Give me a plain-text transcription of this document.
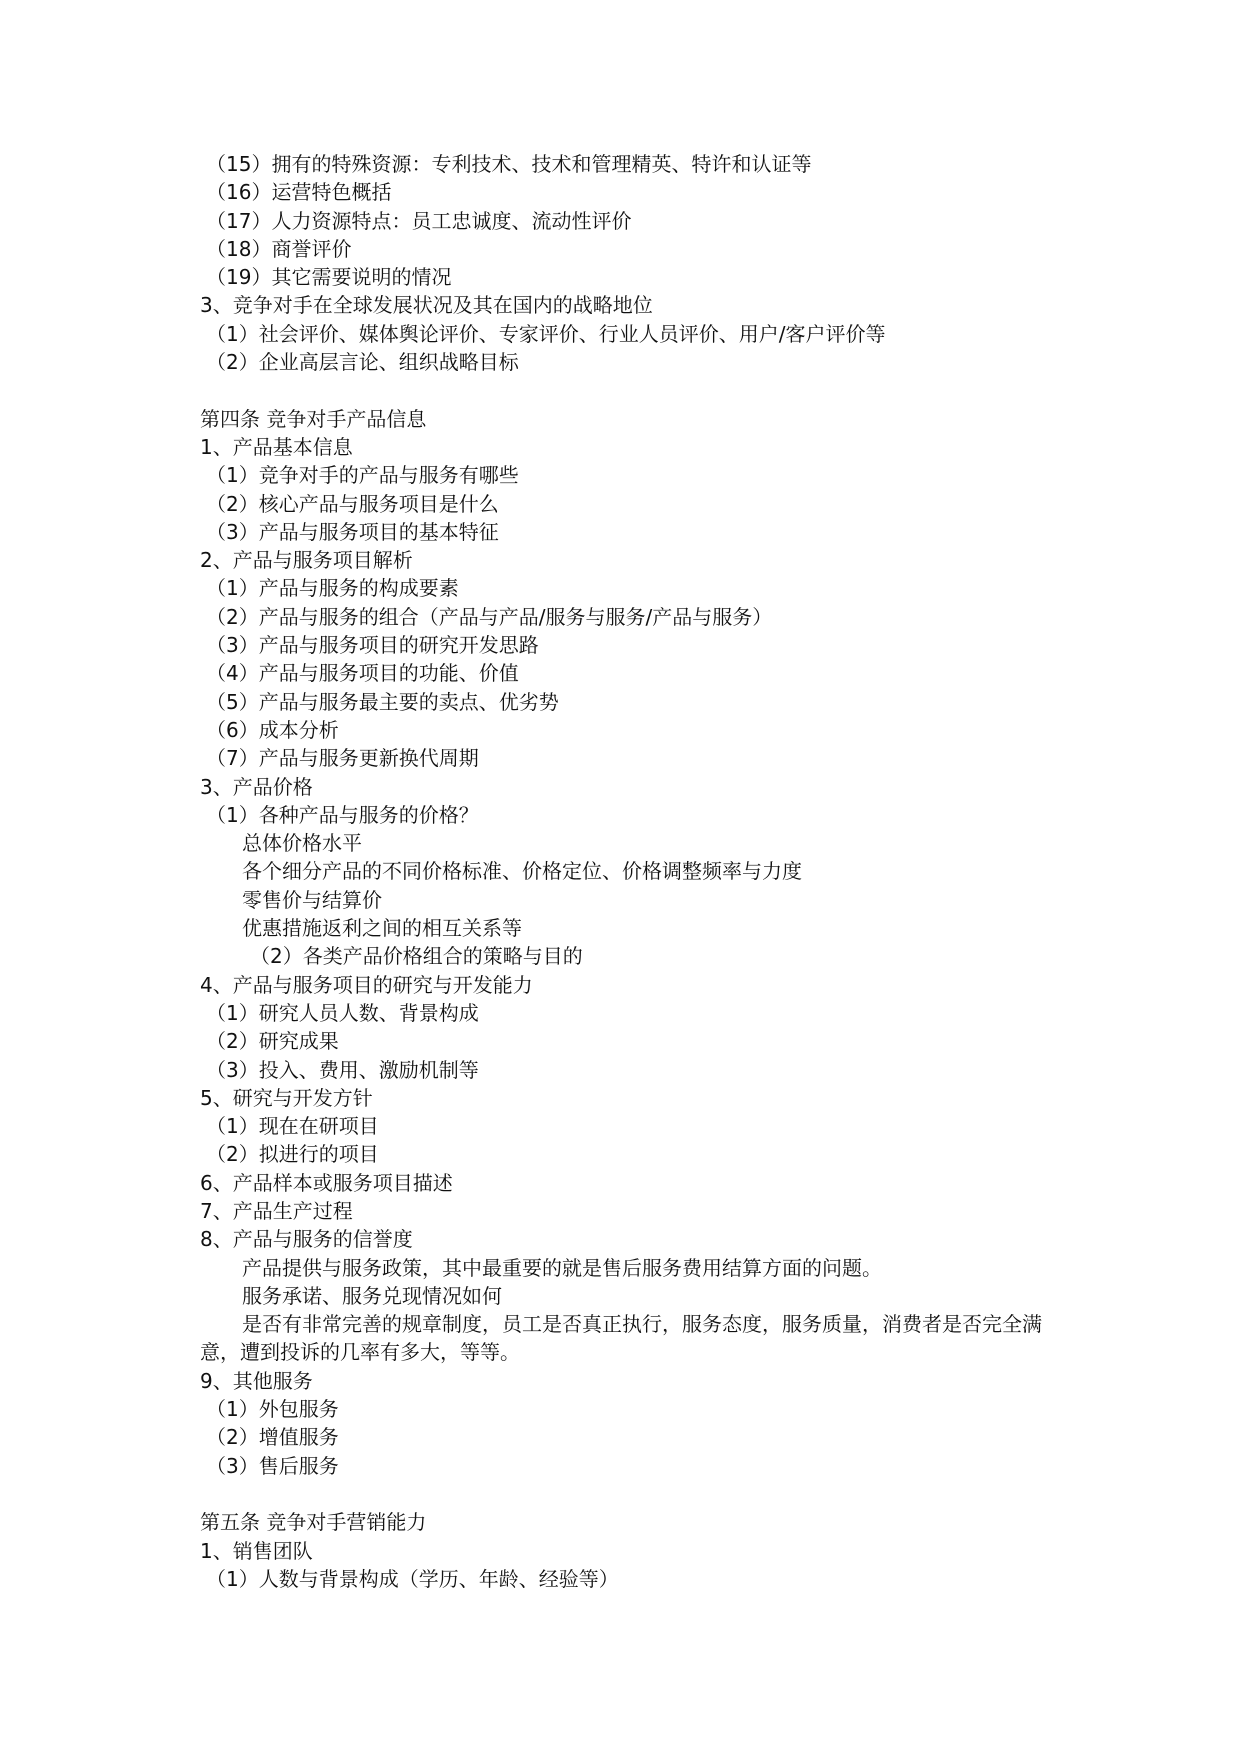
（15）拥有的特殊资源：专利技术、技术和管理精英、特许和认证等
（16）运营特色概括
（17）人力资源特点：员工忠诚度、流动性评价
（18）商誉评价
（19）其它需要说明的情况
3、竞争对手在全球发展状况及其在国内的战略地位
（1）社会评价、媒体舆论评价、专家评价、行业人员评价、用户/客户评价等
（2）企业高层言论、组织战略目标
第四条 竞争对手产品信息
1、产品基本信息
（1）竞争对手的产品与服务有哪些
（2）核心产品与服务项目是什么
（3）产品与服务项目的基本特征
2、产品与服务项目解析
（1）产品与服务的构成要素
（2）产品与服务的组合（产品与产品/服务与服务/产品与服务）
（3）产品与服务项目的研究开发思路
（4）产品与服务项目的功能、价值
（5）产品与服务最主要的卖点、优劣势
（6）成本分析
（7）产品与服务更新换代周期
3、产品价格
（1）各种产品与服务的价格？
总体价格水平
各个细分产品的不同价格标准、价格定位、价格调整频率与力度
零售价与结算价
优惠措施返利之间的相互关系等
（2）各类产品价格组合的策略与目的
4、产品与服务项目的研究与开发能力
（1）研究人员人数、背景构成
（2）研究成果
（3）投入、费用、激励机制等
5、研究与开发方针
（1）现在在研项目
（2）拟进行的项目
6、产品样本或服务项目描述
7、产品生产过程
8、产品与服务的信誉度
产品提供与服务政策，其中最重要的就是售后服务费用结算方面的问题。
服务承诺、服务兑现情况如何
是否有非常完善的规章制度，员工是否真正执行，服务态度，服务质量，消费者是否完全满意，遭到投诉的几率有多大，等等。
9、其他服务
（1）外包服务
（2）增值服务
（3）售后服务
第五条 竞争对手营销能力
1、销售团队
（1）人数与背景构成（学历、年龄、经验等）
